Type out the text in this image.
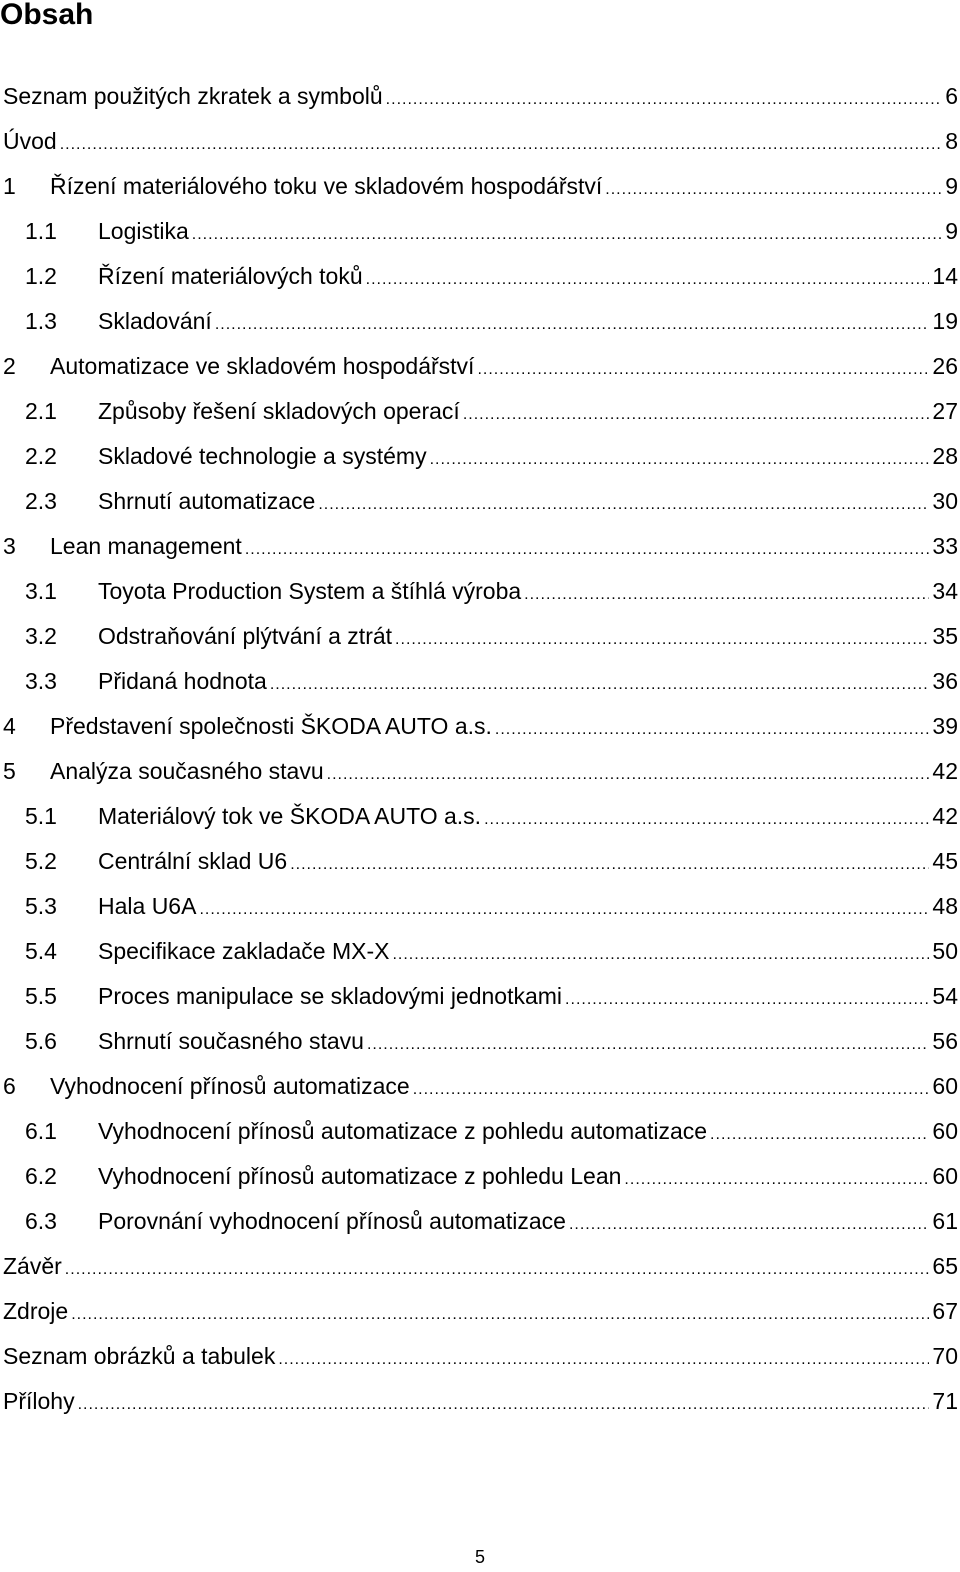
Obsah
Seznam použitých zkratek a symbolů .....	6
Úvod .....	8
1	Řízení materiálového toku ve skladovém hospodářství .....	9
1.1	Logistika .....	9
1.2	Řízení materiálových toků .....	14
1.3	Skladování .....	19
2	Automatizace ve skladovém hospodářství .....	26
2.1	Způsoby řešení skladových operací .....	27
2.2	Skladové technologie a systémy .....	28
2.3	Shrnutí automatizace .....	30
3	Lean management .....	33
3.1	Toyota Production System a štíhlá výroba .....	34
3.2	Odstraňování plýtvání a ztrát .....	35
3.3	Přidaná hodnota .....	36
4	Představení společnosti ŠKODA AUTO a.s. .....	39
5	Analýza současného stavu .....	42
5.1	Materiálový tok ve ŠKODA AUTO a.s. .....	42
5.2	Centrální sklad U6 .....	45
5.3	Hala U6A .....	48
5.4	Specifikace zakladače MX-X .....	50
5.5	Proces manipulace se skladovými jednotkami .....	54
5.6	Shrnutí současného stavu .....	56
6	Vyhodnocení přínosů automatizace .....	60
6.1	Vyhodnocení přínosů automatizace z pohledu automatizace .....	60
6.2	Vyhodnocení přínosů automatizace z pohledu Lean .....	60
6.3	Porovnání vyhodnocení přínosů automatizace .....	61
Závěr .....	65
Zdroje .....	67
Seznam obrázků a tabulek .....	70
Přílohy .....	71
5
